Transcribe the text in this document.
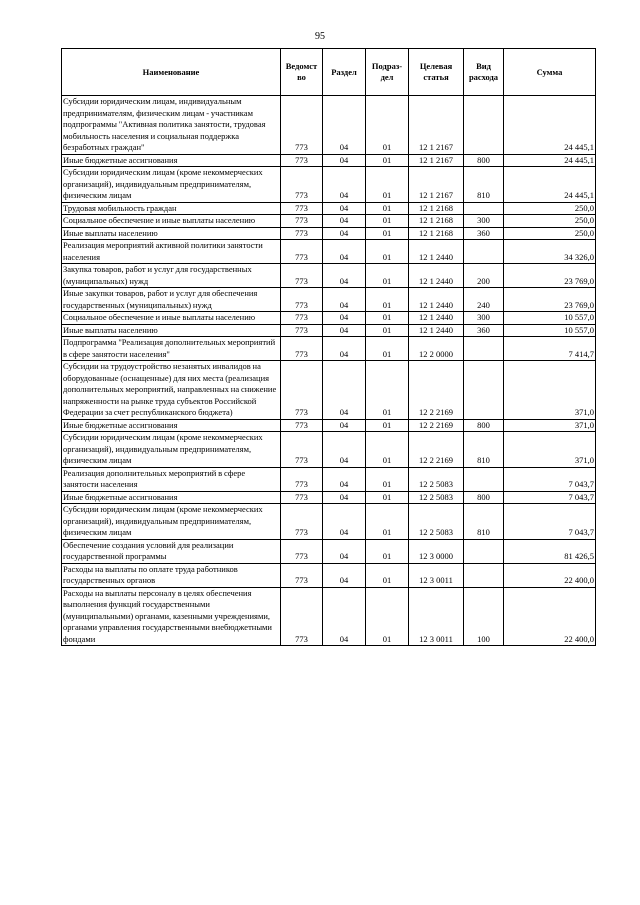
95
Наименование	Ведомст во	Раздел	Подраз- дел	Целевая статья	Вид расхода	Сумма
Субсидии юридическим лицам, индивидуальным предпринимателям, физическим лицам - участникам подпрограммы "Активная политика занятости, трудовая мобильность населения и социальная поддержка безработных граждан"	773	04	01	12 1 2167		24 445,1
Иные бюджетные ассигнования	773	04	01	12 1 2167	800	24 445,1
Субсидии юридическим лицам (кроме некоммерческих организаций), индивидуальным предпринимателям, физическим лицам	773	04	01	12 1 2167	810	24 445,1
Трудовая мобильность граждан	773	04	01	12 1 2168		250,0
Социальное обеспечение и иные выплаты населению	773	04	01	12 1 2168	300	250,0
Иные выплаты населению	773	04	01	12 1 2168	360	250,0
Реализация мероприятий активной политики занятости населения	773	04	01	12 1 2440		34 326,0
Закупка товаров, работ и услуг для государственных (муниципальных) нужд	773	04	01	12 1 2440	200	23 769,0
Иные закупки товаров, работ и услуг для обеспечения государственных (муниципальных) нужд	773	04	01	12 1 2440	240	23 769,0
Социальное обеспечение и иные выплаты населению	773	04	01	12 1 2440	300	10 557,0
Иные выплаты населению	773	04	01	12 1 2440	360	10 557,0
Подпрограмма "Реализация дополнительных мероприятий в сфере занятости населения"	773	04	01	12 2 0000		7 414,7
Субсидии на трудоустройство незанятых инвалидов на оборудованные (оснащенные) для них места (реализация дополнительных мероприятий, направленных на снижение напряженности на рынке труда субъектов Российской Федерации за счет республиканского бюджета)	773	04	01	12 2 2169		371,0
Иные бюджетные ассигнования	773	04	01	12 2 2169	800	371,0
Субсидии юридическим лицам (кроме некоммерческих организаций), индивидуальным предпринимателям, физическим лицам	773	04	01	12 2 2169	810	371,0
Реализация дополнительных мероприятий в сфере занятости населения	773	04	01	12 2 5083		7 043,7
Иные бюджетные ассигнования	773	04	01	12 2 5083	800	7 043,7
Субсидии юридическим лицам (кроме некоммерческих организаций), индивидуальным предпринимателям, физическим лицам	773	04	01	12 2 5083	810	7 043,7
Обеспечение создания условий для реализации государственной программы	773	04	01	12 3 0000		81 426,5
Расходы на выплаты по оплате труда работников государственных органов	773	04	01	12 3 0011		22 400,0
Расходы на выплаты персоналу в целях обеспечения выполнения функций государственными (муниципальными) органами, казенными учреждениями, органами управления государственными внебюджетными фондами	773	04	01	12 3 0011	100	22 400,0
